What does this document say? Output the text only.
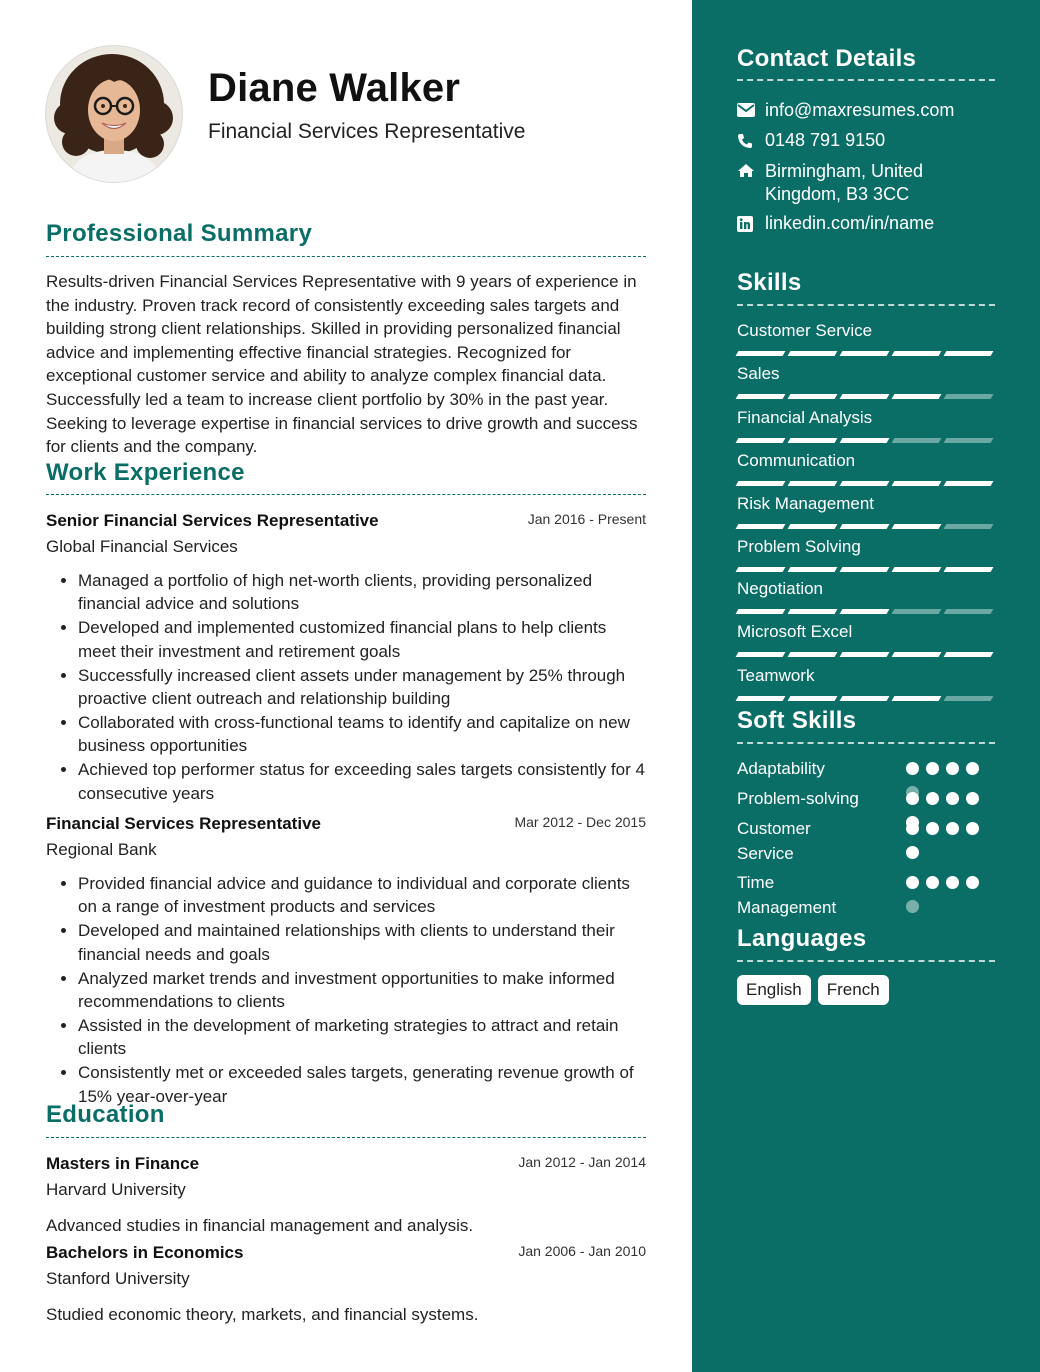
Diane Walker
Financial Services Representative
Professional Summary
Results-driven Financial Services Representative with 9 years of experience in the industry. Proven track record of consistently exceeding sales targets and building strong client relationships. Skilled in providing personalized financial advice and implementing effective financial strategies. Recognized for exceptional customer service and ability to analyze complex financial data. Successfully led a team to increase client portfolio by 30% in the past year. Seeking to leverage expertise in financial services to drive growth and success for clients and the company.
Work Experience
Senior Financial Services Representative	Jan 2016 - Present
Global Financial Services
• Managed a portfolio of high net-worth clients, providing personalized financial advice and solutions
• Developed and implemented customized financial plans to help clients meet their investment and retirement goals
• Successfully increased client assets under management by 25% through proactive client outreach and relationship building
• Collaborated with cross-functional teams to identify and capitalize on new business opportunities
• Achieved top performer status for exceeding sales targets consistently for 4 consecutive years
Financial Services Representative	Mar 2012 - Dec 2015
Regional Bank
• Provided financial advice and guidance to individual and corporate clients on a range of investment products and services
• Developed and maintained relationships with clients to understand their financial needs and goals
• Analyzed market trends and investment opportunities to make informed recommendations to clients
• Assisted in the development of marketing strategies to attract and retain clients
• Consistently met or exceeded sales targets, generating revenue growth of 15% year-over-year
Education
Masters in Finance	Jan 2012 - Jan 2014
Harvard University
Advanced studies in financial management and analysis.
Bachelors in Economics	Jan 2006 - Jan 2010
Stanford University
Studied economic theory, markets, and financial systems.
Contact Details
info@maxresumes.com
0148 791 9150
Birmingham, United
Kingdom, B3 3CC
linkedin.com/in/name
Skills
Customer Service
Sales
Financial Analysis
Communication
Risk Management
Problem Solving
Negotiation
Microsoft Excel
Teamwork
Soft Skills
Adaptability
Problem-solving
Customer
Service
Time
Management
Languages
English	French
